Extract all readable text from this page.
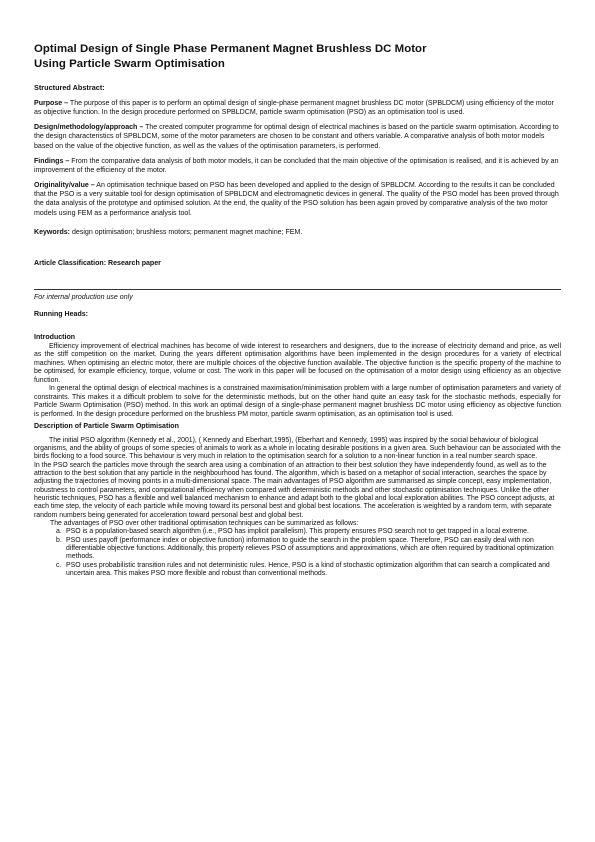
Optimal Design of Single Phase Permanent Magnet Brushless DC Motor
Using Particle Swarm Optimisation
Structured Abstract:

Purpose – The purpose of this paper is to perform an optimal design of single-phase permanent magnet brushless DC motor (SPBLDCM) using efficiency of the motor as objective function. In the design procedure performed on SPBLDCM, particle swarm optimisation (PSO) as an optimisation tool is used.

Design/methodology/approach – The created computer programme for optimal design of electrical machines is based on the particle swarm optimisation. According to the design characteristics of SPBLDCM, some of the motor parameters are chosen to be constant and others variable. A comparative analysis of both motor models based on the value of the objective function, as well as the values of the optimisation parameters, is performed.

Findings – From the comparative data analysis of both motor models, it can be concluded that the main objective of the optimisation is realised, and it is achieved by an improvement of the efficiency of the motor.

Originality/value – An optimisation technique based on PSO has been developed and applied to the design of SPBLDCM. According to the results it can be concluded that the PSO is a very suitable tool for design optimisation of SPBLDCM and electromagnetic devices in general. The quality of the PSO model has been proved through the data analysis of the prototype and optimised solution. At the end, the quality of the PSO solution has been again proved by comparative analysis of the two motor models using FEM as a performance analysis tool.

Keywords: design optimisation; brushless motors; permanent magnet machine; FEM.

Article Classification: Research paper

For internal production use only

Running Heads:

Introduction

Efficiency improvement of electrical machines has become of wide interest to researchers and designers, due to the increase of electricity demand and price, as well as the stiff competition on the market. During the years different optimisation algorithms have been implemented in the design procedures for a variety of electrical machines. When optimising an electric motor, there are multiple choices of the objective function available. The objective function is the specific property of the machine to be optimised, for example efficiency, torque, volume or cost. The work in this paper will be focused on the optimisation of a motor design using efficiency as an objective function.

In general the optimal design of electrical machines is a constrained maximisation/minimisation problem with a large number of optimisation parameters and variety of constraints. This makes it a difficult problem to solve for the deterministic methods, but on the other hand quite an easy task for the stochastic methods, especially for Particle Swarm Optimisation (PSO) method. In this work an optimal design of a single-phase permanent magnet brushless DC motor using efficiency as objective function is performed. In the design procedure performed on the brushless PM motor, particle swarm optimisation, as an optimisation tool is used.

Description of Particle Swarm Optimisation

The initial PSO algorithm (Kennedy et al., 2001), ( Kennedy and Eberhart,1995), (Eberhart and Kennedy, 1995) was inspired by the social behaviour of biological organisms, and the ability of groups of some species of animals to work as a whole in locating desirable positions in a given area. Such behaviour can be associated with the birds flocking to a food source. This behaviour is very much in relation to the optimisation search for a solution to a non-linear function in a real number search space.

In the PSO search the particles move through the search area using a combination of an attraction to their best solution they have independently found, as well as to the attraction to the best solution that any particle in the neighbourhood has found. The algorithm, which is based on a metaphor of social interaction, searches the space by adjusting the trajectories of moving points in a multi-dimensional space. The main advantages of PSO algorithm are summarised as simple concept, easy implementation, robustness to control parameters, and computational efficiency when compared with deterministic methods and other stochastic optimisation techniques. Unlike the other heuristic techniques, PSO has a flexible and well balanced mechanism to enhance and adapt both to the global and local exploration abilities. The PSO concept adjusts, at each time step, the velocity of each particle while moving toward its personal best and global best locations. The acceleration is weighted by a random term, with separate random numbers being generated for acceleration toward personal best and global best.

The advantages of PSO over other traditional optimisation techniques can be summarized as follows:

a. PSO is a population-based search algorithm (i.e., PSO has implicit parallelism). This property ensures PSO search not to get trapped in a local extreme.
b. PSO uses payoff (performance index or objective function) information to guide the search in the problem space. Therefore, PSO can easily deal with non differentiable objective functions. Additionally, this property relieves PSO of assumptions and approximations, which are often required by traditional optimization methods.
c. PSO uses probabilistic transition rules and not deterministic rules. Hence, PSO is a kind of stochastic optimization algorithm that can search a complicated and uncertain area. This makes PSO more flexible and robust than conventional methods.
